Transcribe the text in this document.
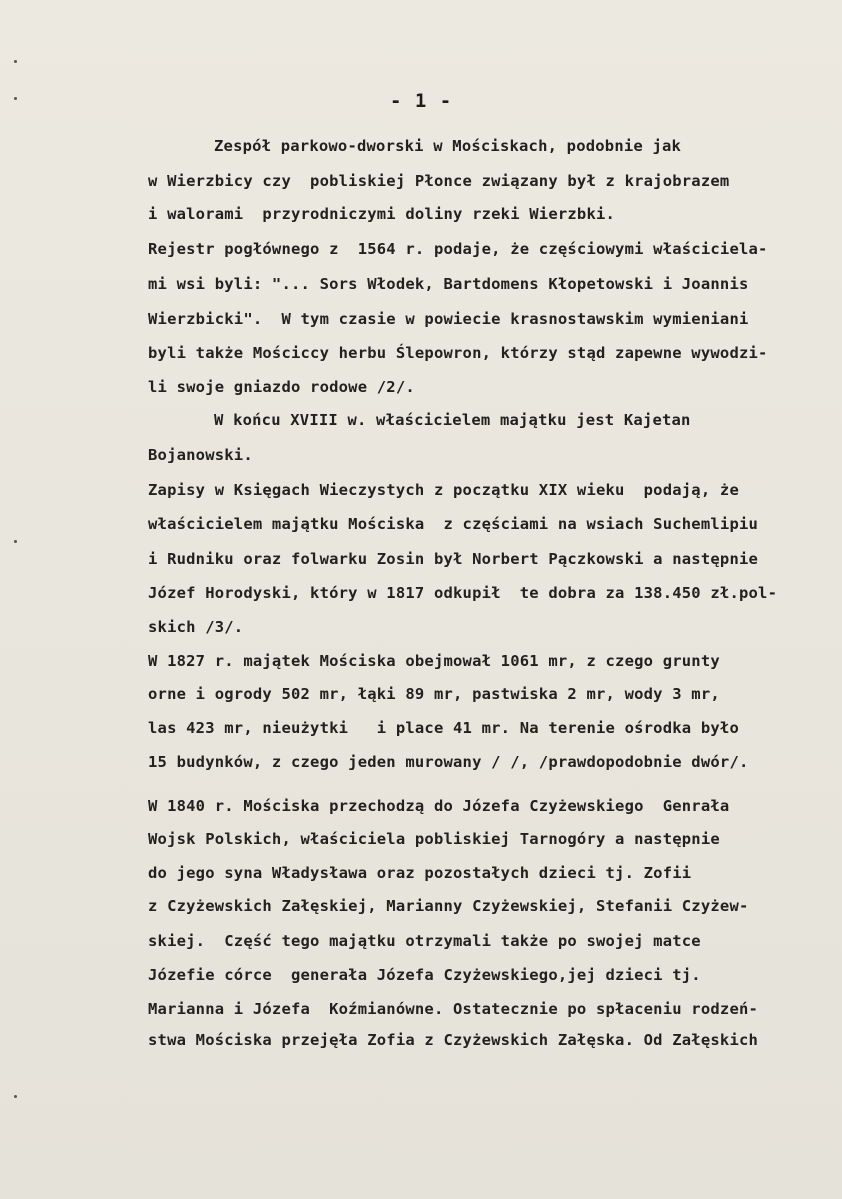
- 1 -
Zespół parkowo-dworski w Mościskach, podobnie jak
w Wierzbicy czy  pobliskiej Płonce związany był z krajobrazem
i walorami  przyrodniczymi doliny rzeki Wierzbki.
Rejestr pogłównego z  1564 r. podaje, że częściowymi właściciela-
mi wsi byli: "... Sors Włodek, Bartdomens Kłopetowski i Joannis
Wierzbicki".  W tym czasie w powiecie krasnostawskim wymieniani
byli także Mościccy herbu Ślepowron, którzy stąd zapewne wywodzi-
li swoje gniazdo rodowe /2/.
W końcu XVIII w. właścicielem majątku jest Kajetan
Bojanowski.
Zapisy w Księgach Wieczystych z początku XIX wieku  podają, że
właścicielem majątku Mościska  z częściami na wsiach Suchemlipiu
i Rudniku oraz folwarku Zosin był Norbert Pączkowski a następnie
Józef Horodyski, który w 1817 odkupił  te dobra za 138.450 zł.pol-
skich /3/.
W 1827 r. majątek Mościska obejmował 1061 mr, z czego grunty
orne i ogrody 502 mr, łąki 89 mr, pastwiska 2 mr, wody 3 mr,
las 423 mr, nieużytki   i place 41 mr. Na terenie ośrodka było
15 budynków, z czego jeden murowany / /, /prawdopodobnie dwór/.
W 1840 r. Mościska przechodzą do Józefa Czyżewskiego  Genrała
Wojsk Polskich, właściciela pobliskiej Tarnogóry a następnie
do jego syna Władysława oraz pozostałych dzieci tj. Zofii
z Czyżewskich Załęskiej, Marianny Czyżewskiej, Stefanii Czyżew-
skiej.  Część tego majątku otrzymali także po swojej matce
Józefie córce  generała Józefa Czyżewskiego,jej dzieci tj.
Marianna i Józefa  Koźmianówne. Ostatecznie po spłaceniu rodzeń-
stwa Mościska przejęła Zofia z Czyżewskich Załęska. Od Załęskich
